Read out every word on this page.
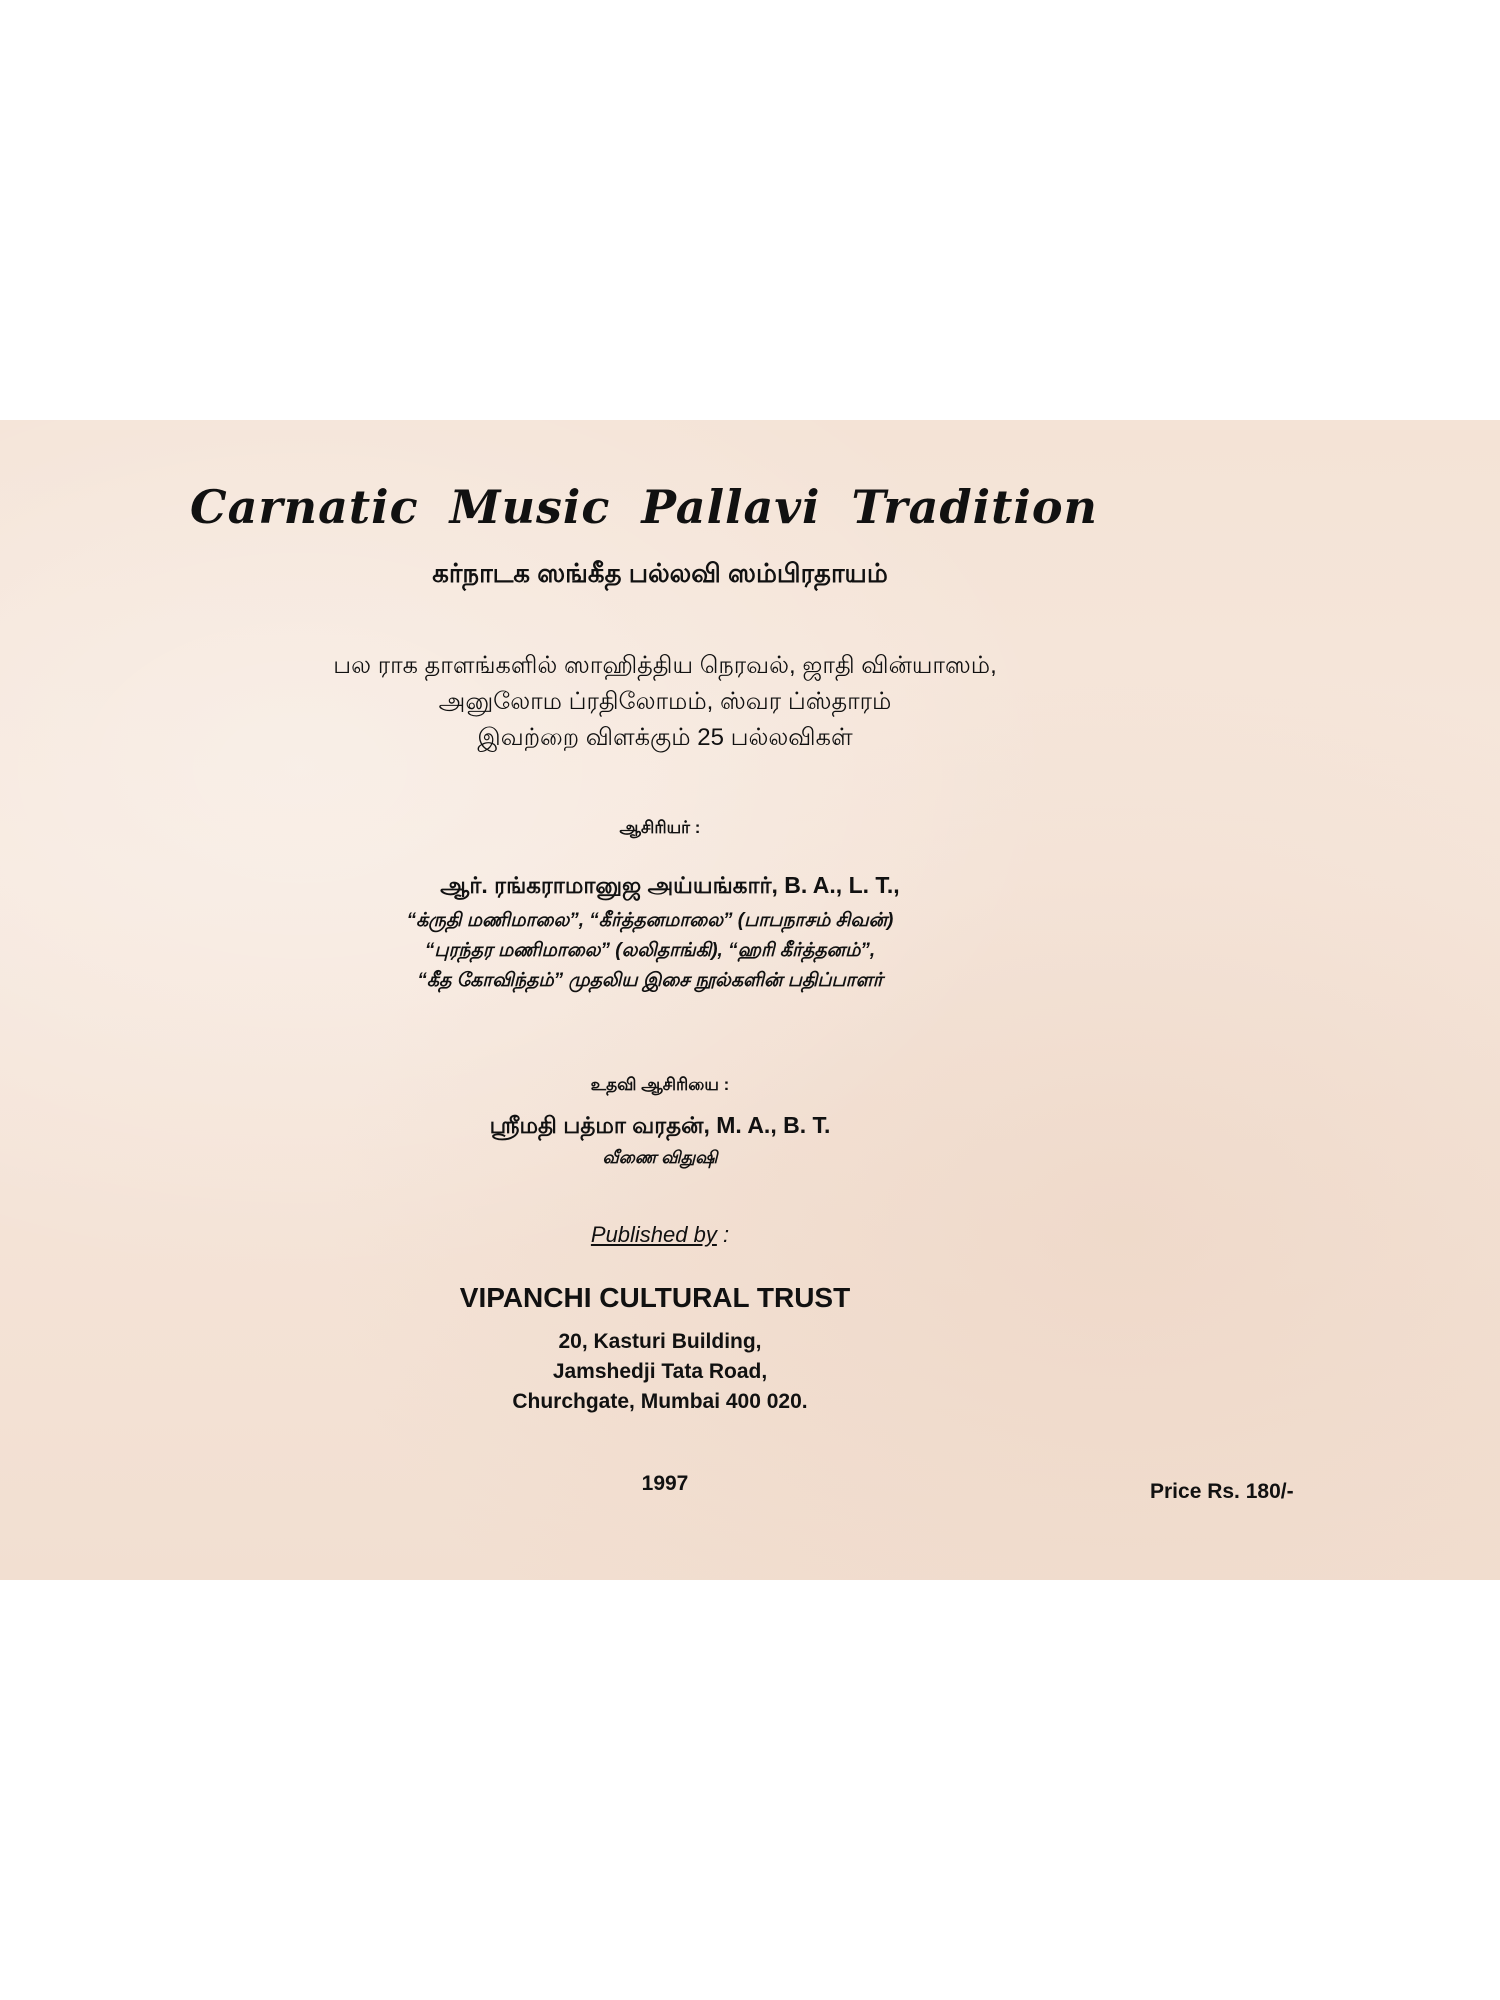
Carnatic Music Pallavi Tradition
கர்நாடக ஸங்கீத பல்லவி ஸம்பிரதாயம்
பல ராக தாளங்களில் ஸாஹித்திய நெரவல், ஜாதி வின்யாஸம்,
அனுலோம ப்ரதிலோமம், ஸ்வர ப்ஸ்தாரம்
இவற்றை விளக்கும் 25 பல்லவிகள்
ஆசிரியர் :
ஆர். ரங்கராமானுஜ அய்யங்கார், B. A., L. T.,
“க்ருதி மணிமாலை”, “கீர்த்தனமாலை” (பாபநாசம் சிவன்)
“புரந்தர மணிமாலை” (லலிதாங்கி), “ஹரி கீர்த்தனம்”,
“கீத கோவிந்தம்” முதலிய இசை நூல்களின் பதிப்பாளர்
உதவி ஆசிரியை :
ஸ்ரீமதி பத்மா வரதன், M. A., B. T.
வீணை விதுஷி
Published by :
VIPANCHI CULTURAL TRUST
20, Kasturi Building,
Jamshedji Tata Road,
Churchgate, Mumbai 400 020.
1997	Price Rs. 180/-
